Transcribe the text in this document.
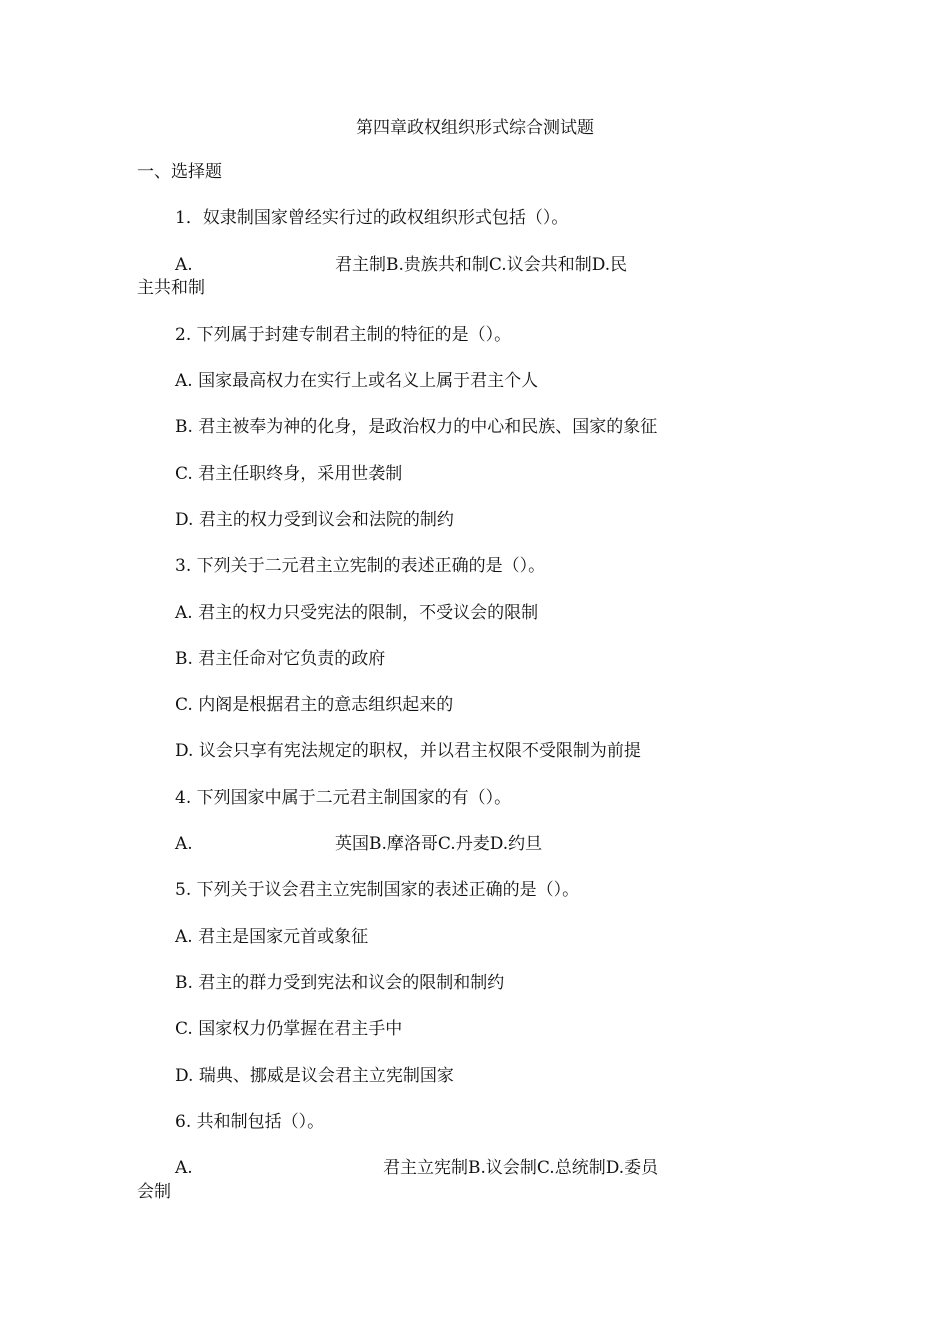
第四章政权组织形式综合测试题
一、选择题
1．奴隶制国家曾经实行过的政权组织形式包括（）。
A.	君主制B.贵族共和制C.议会共和制D.民
主共和制
2. 下列属于封建专制君主制的特征的是（）。
A. 国家最高权力在实行上或名义上属于君主个人
B. 君主被奉为神的化身，是政治权力的中心和民族、国家的象征
C. 君主任职终身，采用世袭制
D. 君主的权力受到议会和法院的制约
3. 下列关于二元君主立宪制的表述正确的是（）。
A. 君主的权力只受宪法的限制，不受议会的限制
B. 君主任命对它负责的政府
C. 内阁是根据君主的意志组织起来的
D. 议会只享有宪法规定的职权，并以君主权限不受限制为前提
4. 下列国家中属于二元君主制国家的有（）。
A.	英国B.摩洛哥C.丹麦D.约旦
5. 下列关于议会君主立宪制国家的表述正确的是（）。
A. 君主是国家元首或象征
B. 君主的群力受到宪法和议会的限制和制约
C. 国家权力仍掌握在君主手中
D. 瑞典、挪威是议会君主立宪制国家
6. 共和制包括（）。
A.	君主立宪制B.议会制C.总统制D.委员
会制
